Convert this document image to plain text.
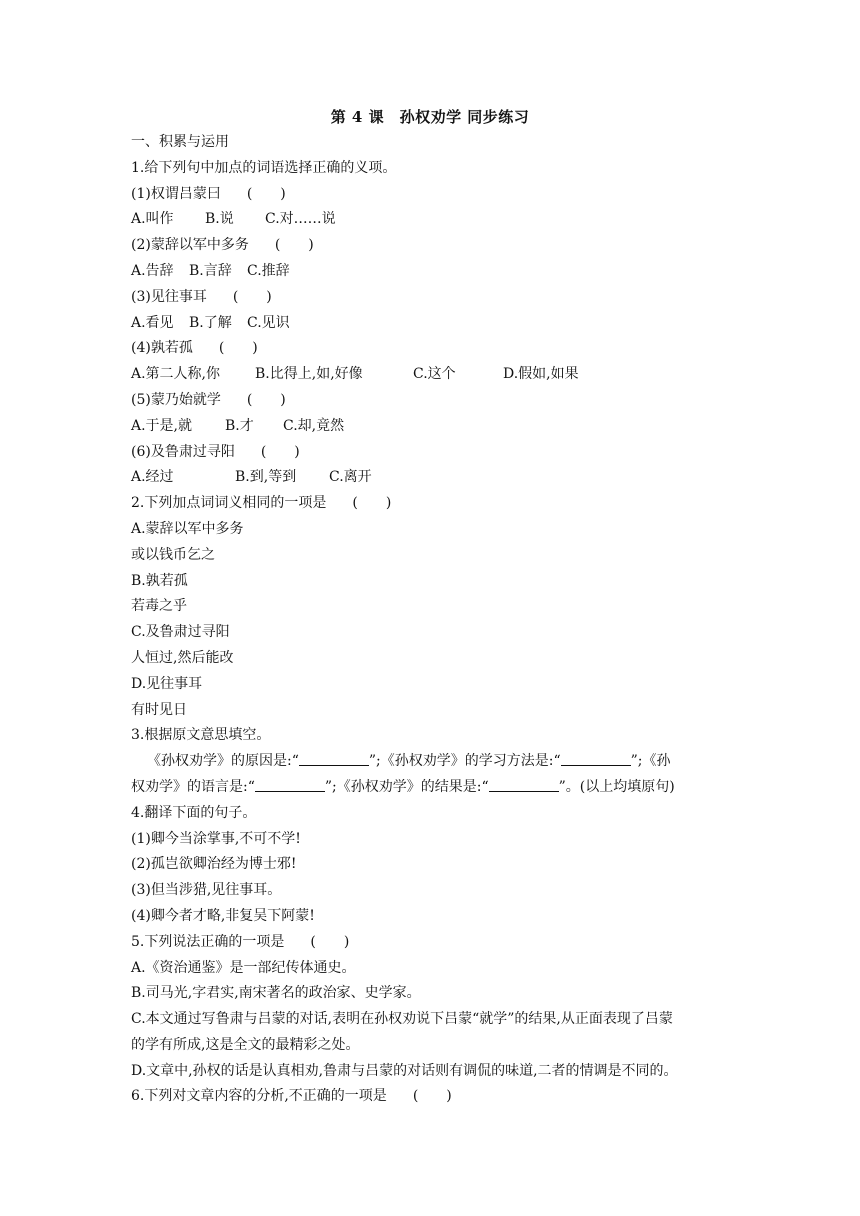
第 4 课　孙权劝学 同步练习
一、积累与运用
1.给下列句中加点的词语选择正确的义项。
(1)权谓吕蒙曰 (　　)
A.叫作 B.说 C.对……说
(2)蒙辞以军中多务 (　　)
A.告辞 B.言辞 C.推辞
(3)见往事耳 (　　)
A.看见 B.了解 C.见识
(4)孰若孤 (　　)
A.第二人称,你 B.比得上,如,好像	C.这个	D.假如,如果
(5)蒙乃始就学 (　　)
A.于是,就 B.才 C.却,竟然
(6)及鲁肃过寻阳 (　　)
A.经过	B.到,等到 C.离开
2.下列加点词词义相同的一项是 (　　)
A.蒙辞以军中多务
或以钱币乞之
B.孰若孤
若毒之乎
C.及鲁肃过寻阳
人恒过,然后能改
D.见往事耳
有时见日
3.根据原文意思填空。
《孙权劝学》的原因是:“	”;《孙权劝学》的学习方法是:“	”;《孙
权劝学》的语言是:“	”;《孙权劝学》的结果是:“	”。(以上均填原句)
4.翻译下面的句子。
(1)卿今当涂掌事,不可不学!
(2)孤岂欲卿治经为博士邪!
(3)但当涉猎,见往事耳。
(4)卿今者才略,非复吴下阿蒙!
5.下列说法正确的一项是 (　　)
A.《资治通鉴》是一部纪传体通史。
B.司马光,字君实,南宋著名的政治家、史学家。
C.本文通过写鲁肃与吕蒙的对话,表明在孙权劝说下吕蒙“就学”的结果,从正面表现了吕蒙
的学有所成,这是全文的最精彩之处。
D.文章中,孙权的话是认真相劝,鲁肃与吕蒙的对话则有调侃的味道,二者的情调是不同的。
6.下列对文章内容的分析,不正确的一项是 (　　)
